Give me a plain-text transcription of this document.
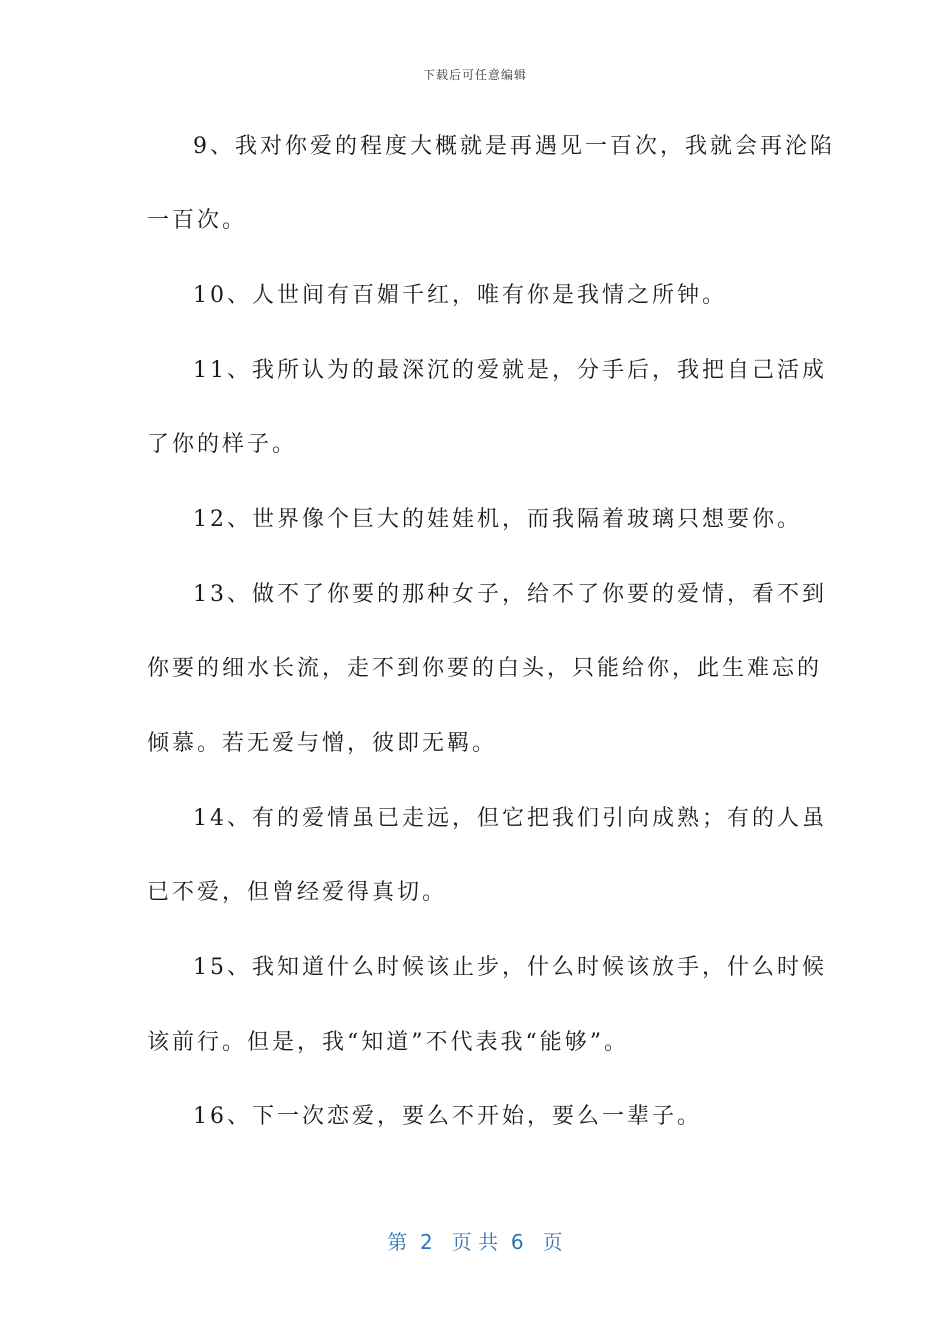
下载后可任意编辑
9、我对你爱的程度大概就是再遇见一百次，我就会再沦陷
一百次。
10、人世间有百媚千红，唯有你是我情之所钟。
11、我所认为的最深沉的爱就是，分手后，我把自己活成
了你的样子。
12、世界像个巨大的娃娃机，而我隔着玻璃只想要你。
13、做不了你要的那种女子，给不了你要的爱情，看不到
你要的细水长流，走不到你要的白头，只能给你，此生难忘的
倾慕。若无爱与憎，彼即无羁。
14、有的爱情虽已走远，但它把我们引向成熟；有的人虽
已不爱，但曾经爱得真切。
15、我知道什么时候该止步，什么时候该放手，什么时候
该前行。但是，我“知道”不代表我“能够”。
16、下一次恋爱，要么不开始，要么一辈子。
第  2   页 共  6   页
